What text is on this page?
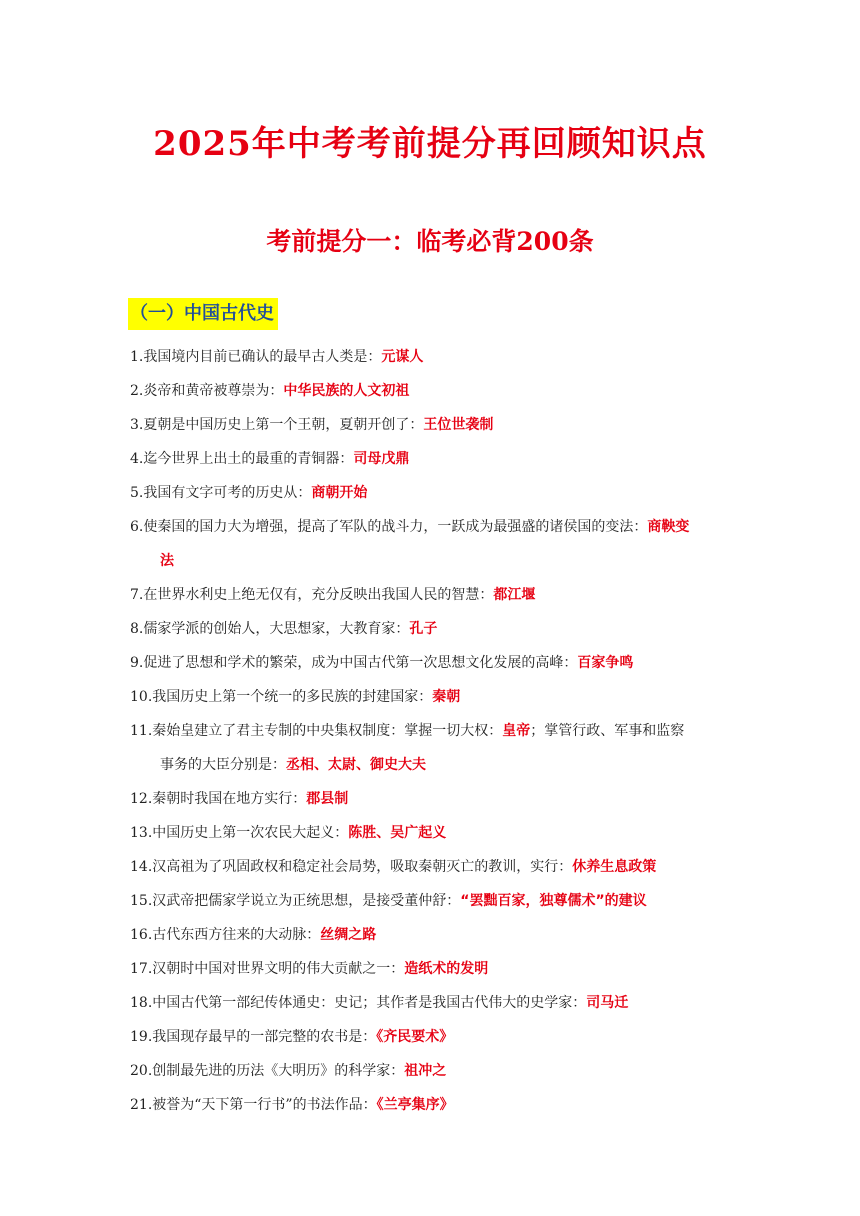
2025年中考考前提分再回顾知识点
考前提分一：临考必背200条
（一）中国古代史
1.我国境内目前已确认的最早古人类是：元谋人
2.炎帝和黄帝被尊崇为：中华民族的人文初祖
3.夏朝是中国历史上第一个王朝，夏朝开创了：王位世袭制
4.迄今世界上出土的最重的青铜器：司母戊鼎
5.我国有文字可考的历史从：商朝开始
6.使秦国的国力大为增强，提高了军队的战斗力，一跃成为最强盛的诸侯国的变法：商鞅变
法
7.在世界水利史上绝无仅有，充分反映出我国人民的智慧：都江堰
8.儒家学派的创始人，大思想家，大教育家：孔子
9.促进了思想和学术的繁荣，成为中国古代第一次思想文化发展的高峰：百家争鸣
10.我国历史上第一个统一的多民族的封建国家：秦朝
11.秦始皇建立了君主专制的中央集权制度：掌握一切大权：皇帝；掌管行政、军事和监察
事务的大臣分别是：丞相、太尉、御史大夫
12.秦朝时我国在地方实行：郡县制
13.中国历史上第一次农民大起义：陈胜、吴广起义
14.汉高祖为了巩固政权和稳定社会局势，吸取秦朝灭亡的教训，实行：休养生息政策
15.汉武帝把儒家学说立为正统思想，是接受董仲舒：“罢黜百家，独尊儒术”的建议
16.古代东西方往来的大动脉：丝绸之路
17.汉朝时中国对世界文明的伟大贡献之一：造纸术的发明
18.中国古代第一部纪传体通史：史记；其作者是我国古代伟大的史学家：司马迁
19.我国现存最早的一部完整的农书是：《齐民要术》
20.创制最先进的历法《大明历》的科学家：祖冲之
21.被誉为“天下第一行书”的书法作品：《兰亭集序》
